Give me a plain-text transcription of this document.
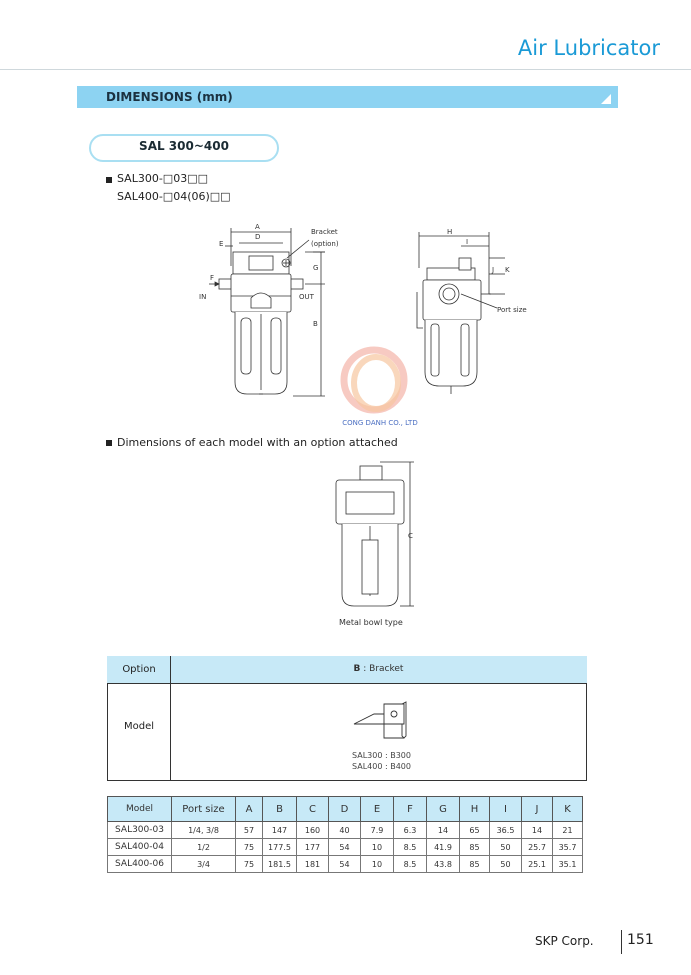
Air Lubricator
DIMENSIONS (mm)
SAL 300~400
SAL300-□03□□
SAL400-□04(06)□□
A
D
E
F
G
B
IN	OUT
Bracket
(option)
H
I
J K
Port size
CONG DANH CO., LTD
Dimensions of each model with an option attached
C
Metal bowl type
Option	B : Bracket
Model
SAL300 : B300
SAL400 : B400
Model	Port size	A	B	C	D	E	F	G	H	I	J	K
SAL300-03	1/4, 3/8	57	147	160	40	7.9	6.3	14	65	36.5	14	21
SAL400-04	1/2	75	177.5	177	54	10	8.5	41.9	85	50	25.7	35.7
SAL400-06	3/4	75	181.5	181	54	10	8.5	43.8	85	50	25.1	35.1
SKP Corp. 151
